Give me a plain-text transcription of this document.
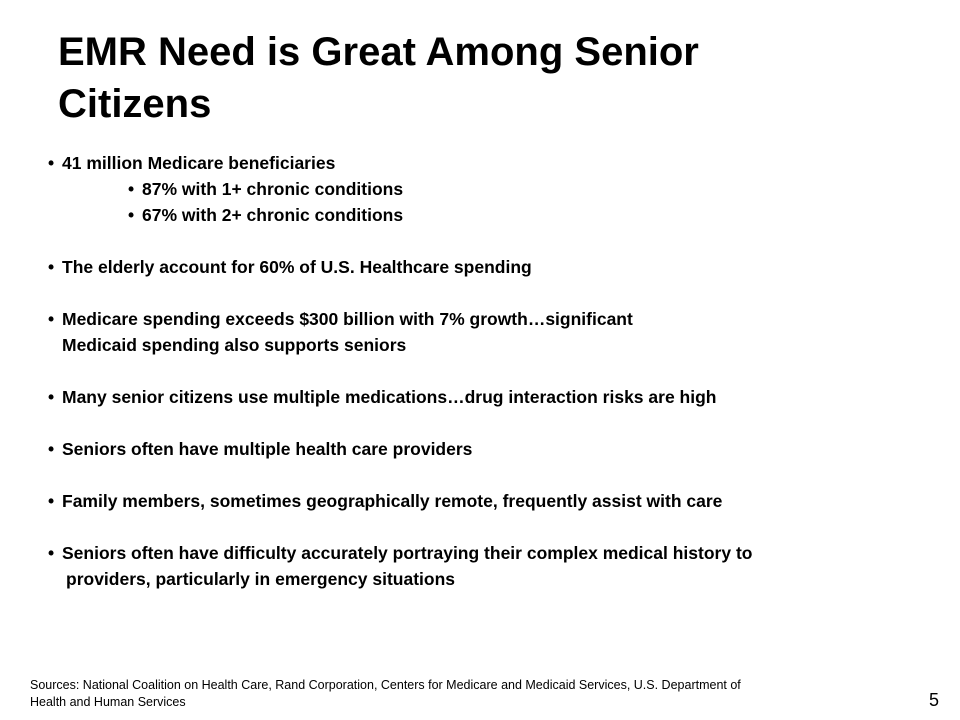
EMR Need is Great Among Senior
Citizens
• 41 million Medicare beneficiaries
• 87% with 1+ chronic conditions
• 67% with 2+ chronic conditions
• The elderly account for 60% of U.S. Healthcare spending
• Medicare spending exceeds $300 billion with 7% growth…significant
Medicaid spending also supports seniors
• Many senior citizens use multiple medications…drug interaction risks are high
• Seniors often have multiple health care providers
• Family members, sometimes geographically remote, frequently assist with care
• Seniors often have difficulty accurately portraying their complex medical history to
providers, particularly in emergency situations
Sources: National Coalition on Health Care, Rand Corporation, Centers for Medicare and Medicaid Services, U.S. Department of
Health and Human Services	5
